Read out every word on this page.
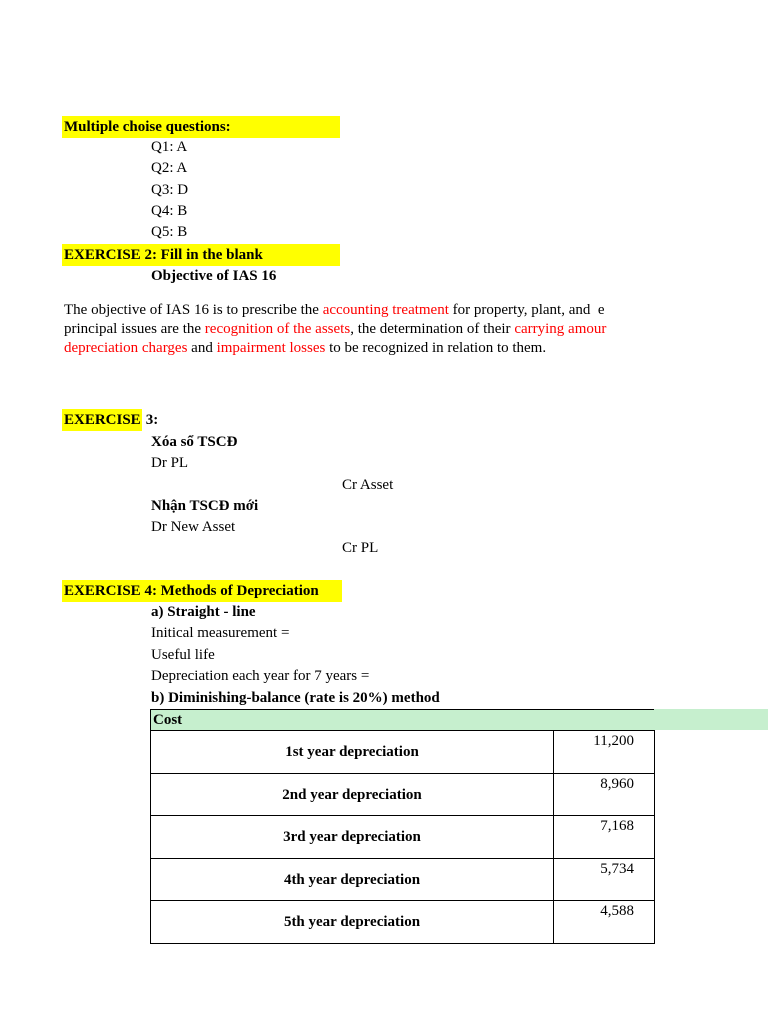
Multiple choise questions:
Q1: A
Q2: A
Q3: D
Q4: B
Q5: B
EXERCISE 2: Fill in the blank
Objective of IAS 16
The objective of IAS 16 is to prescribe the accounting treatment for property, plant, and  e
principal issues are the recognition of the assets, the determination of their carrying amour
depreciation charges and impairment losses to be recognized in relation to them.
EXERCISE 3:
Xóa sổ TSCĐ
Dr PL
Cr Asset
Nhận TSCĐ mới
Dr New Asset
Cr PL
EXERCISE 4: Methods of Depreciation
a) Straight - line
Initical measurement =
Useful life
Depreciation each year for 7 years =
b) Diminishing-balance (rate is 20%) method
Cost
1st year depreciation	11,200
2nd year depreciation	8,960
3rd year depreciation	7,168
4th year depreciation	5,734
5th year depreciation	4,588
